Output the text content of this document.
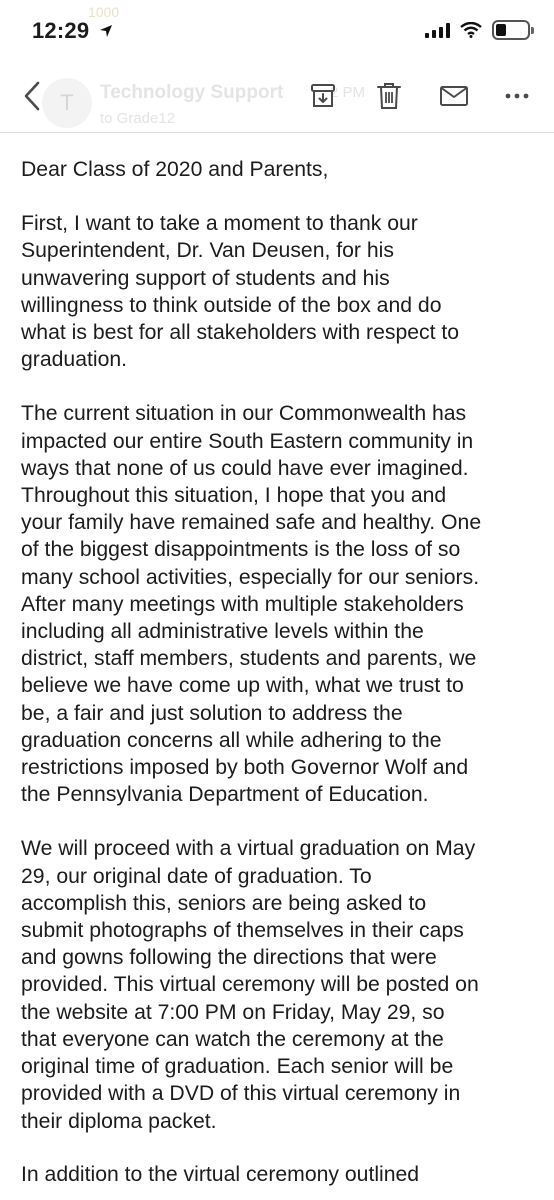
12:29
1000
T	Technology Support	2 PM
to Grade12
Dear Class of 2020 and Parents,

First, I want to take a moment to thank our

Superintendent, Dr. Van Deusen, for his

unwavering support of students and his

willingness to think outside of the box and do

what is best for all stakeholders with respect to

graduation.

The current situation in our Commonwealth has

impacted our entire South Eastern community in

ways that none of us could have ever imagined.

Throughout this situation, I hope that you and

your family have remained safe and healthy. One

of the biggest disappointments is the loss of so

many school activities, especially for our seniors.

After many meetings with multiple stakeholders

including all administrative levels within the

district, staff members, students and parents, we

believe we have come up with, what we trust to

be, a fair and just solution to address the

graduation concerns all while adhering to the

restrictions imposed by both Governor Wolf and

the Pennsylvania Department of Education.

We will proceed with a virtual graduation on May

29, our original date of graduation. To

accomplish this, seniors are being asked to

submit photographs of themselves in their caps

and gowns following the directions that were

provided. This virtual ceremony will be posted on

the website at 7:00 PM on Friday, May 29, so

that everyone can watch the ceremony at the

original time of graduation. Each senior will be

provided with a DVD of this virtual ceremony in

their diploma packet.

In addition to the virtual ceremony outlined
